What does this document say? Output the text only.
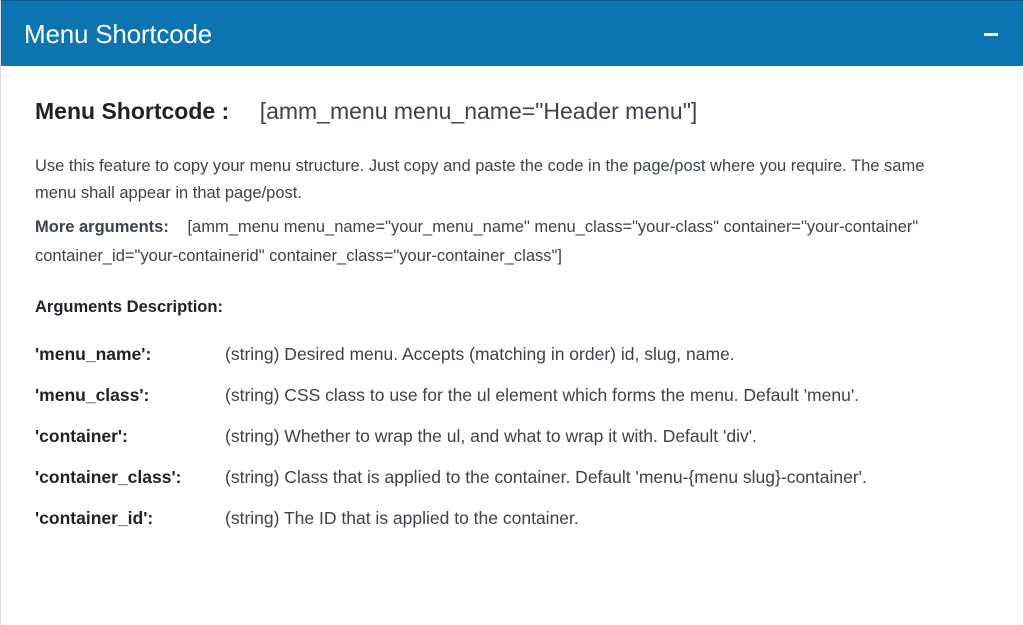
Menu Shortcode
Menu Shortcode : [amm_menu menu_name="Header menu"]

Use this feature to copy your menu structure. Just copy and paste the code in the page/post where you require. The same menu shall appear in that page/post.

More arguments: [amm_menu menu_name="your_menu_name" menu_class="your-class" container="your-container" container_id="your-containerid" container_class="your-container_class"]

Arguments Description:
'menu_name':	(string) Desired menu. Accepts (matching in order) id, slug, name.
'menu_class':	(string) CSS class to use for the ul element which forms the menu. Default 'menu'.
'container':	(string) Whether to wrap the ul, and what to wrap it with. Default 'div'.
'container_class': (string) Class that is applied to the container. Default 'menu-{menu slug}-container'.
'container_id':	(string) The ID that is applied to the container.
